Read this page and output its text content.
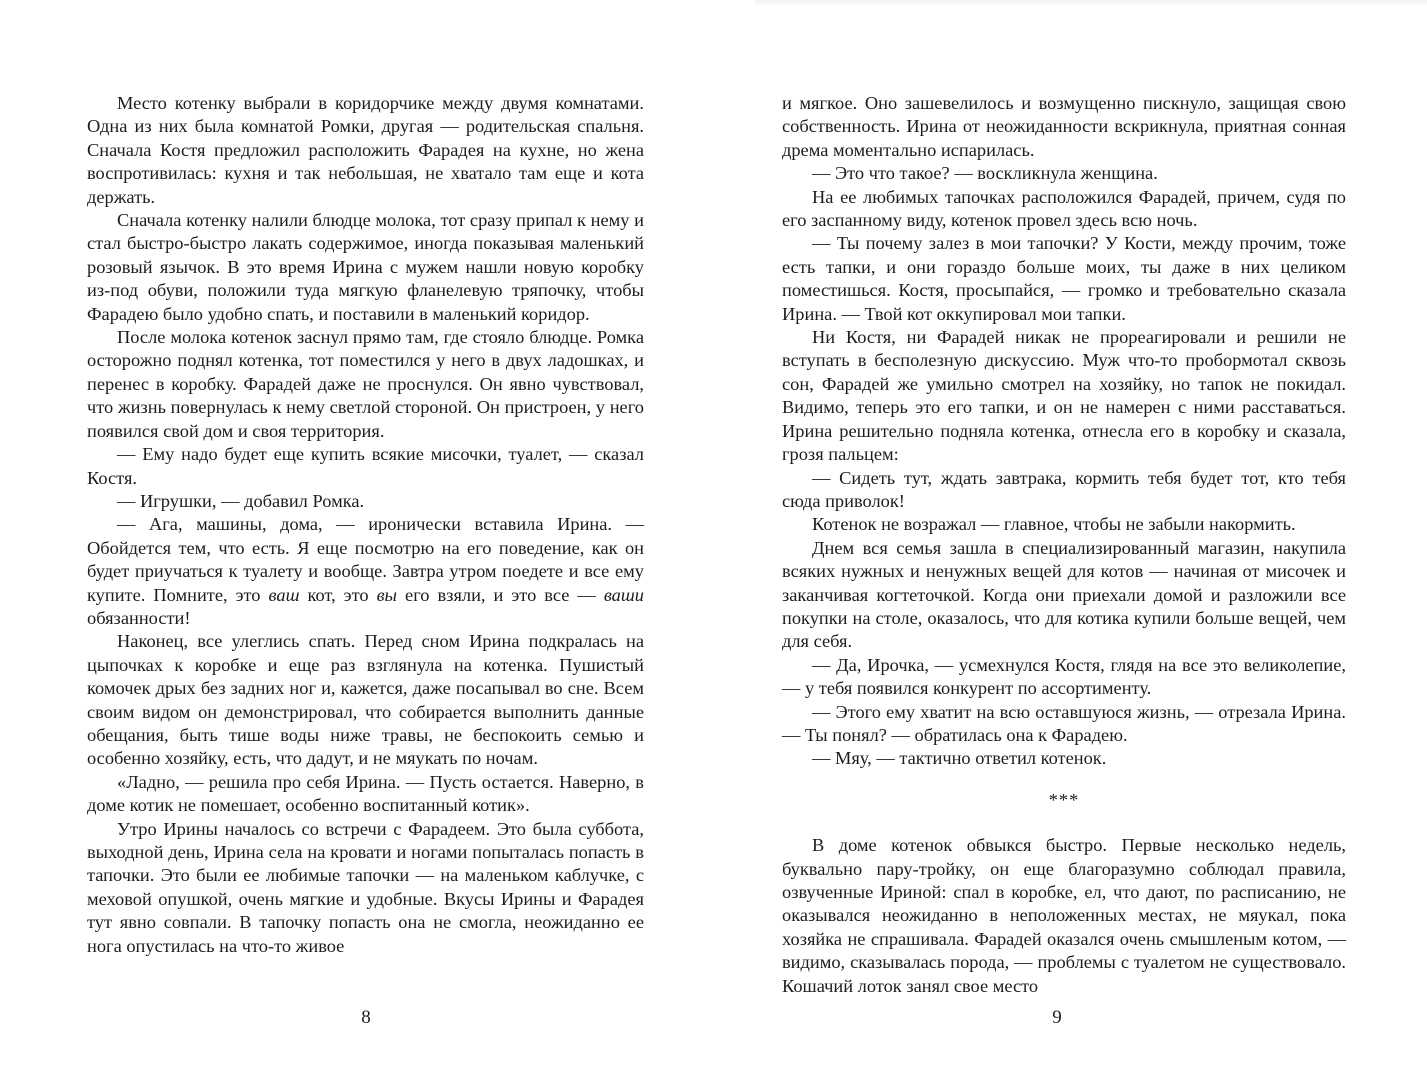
Место котенку выбрали в коридорчике между двумя комнатами. Одна из них была комнатой Ромки, другая — родительская спальня. Сначала Костя предложил расположить Фарадея на кухне, но жена воспротивилась: кухня и так небольшая, не хватало там еще и кота держать.

Сначала котенку налили блюдце молока, тот сразу припал к нему и стал быстро-быстро лакать содержимое, иногда показывая маленький розовый язычок. В это время Ирина с мужем нашли новую коробку из-под обуви, положили туда мягкую фланелевую тряпочку, чтобы Фарадею было удобно спать, и поставили в маленький коридор.

После молока котенок заснул прямо там, где стояло блюдце. Ромка осторожно поднял котенка, тот поместился у него в двух ладошках, и перенес в коробку. Фарадей даже не проснулся. Он явно чувствовал, что жизнь повернулась к нему светлой стороной. Он пристроен, у него появился свой дом и своя территория.

— Ему надо будет еще купить всякие мисочки, туалет, — сказал Костя.

— Игрушки, — добавил Ромка.

— Ага, машины, дома, — иронически вставила Ирина. — Обойдется тем, что есть. Я еще посмотрю на его поведение, как он будет приучаться к туалету и вообще. Завтра утром поедете и все ему купите. Помните, это ваш кот, это вы его взяли, и это все — ваши обязанности!

Наконец, все улеглись спать. Перед сном Ирина подкралась на цыпочках к коробке и еще раз взглянула на котенка. Пушистый комочек дрых без задних ног и, кажется, даже посапывал во сне. Всем своим видом он демонстрировал, что собирается выполнить данные обещания, быть тише воды ниже травы, не беспокоить семью и особенно хозяйку, есть, что дадут, и не мяукать по ночам.

«Ладно, — решила про себя Ирина. — Пусть остается. Наверно, в доме котик не помешает, особенно воспитанный котик».

Утро Ирины началось со встречи с Фарадеем. Это была суббота, выходной день, Ирина села на кровати и ногами попыталась попасть в тапочки. Это были ее любимые тапочки — на маленьком каблучке, с меховой опушкой, очень мягкие и удобные. Вкусы Ирины и Фарадея тут явно совпали. В тапочку попасть она не смогла, неожиданно ее нога опустилась на что-то живое

8

и мягкое. Оно зашевелилось и возмущенно пискнуло, защищая свою собственность. Ирина от неожиданности вскрикнула, приятная сонная дрема моментально испарилась.

— Это что такое? — воскликнула женщина.

На ее любимых тапочках расположился Фарадей, причем, судя по его заспанному виду, котенок провел здесь всю ночь.

— Ты почему залез в мои тапочки? У Кости, между прочим, тоже есть тапки, и они гораздо больше моих, ты даже в них целиком поместишься. Костя, просыпайся, — громко и требовательно сказала Ирина. — Твой кот оккупировал мои тапки.

Ни Костя, ни Фарадей никак не прореагировали и решили не вступать в бесполезную дискуссию. Муж что-то пробормотал сквозь сон, Фарадей же умильно смотрел на хозяйку, но тапок не покидал. Видимо, теперь это его тапки, и он не намерен с ними расставаться. Ирина решительно подняла котенка, отнесла его в коробку и сказала, грозя пальцем:

— Сидеть тут, ждать завтрака, кормить тебя будет тот, кто тебя сюда приволок!

Котенок не возражал — главное, чтобы не забыли накормить.

Днем вся семья зашла в специализированный магазин, накупила всяких нужных и ненужных вещей для котов — начиная от мисочек и заканчивая когтеточкой. Когда они приехали домой и разложили все покупки на столе, оказалось, что для котика купили больше вещей, чем для себя.

— Да, Ирочка, — усмехнулся Костя, глядя на все это великолепие, — у тебя появился конкурент по ассортименту.

— Этого ему хватит на всю оставшуюся жизнь, — отрезала Ирина. — Ты понял? — обратилась она к Фарадею.

— Мяу, — тактично ответил котенок.

***

В доме котенок обвыкся быстро. Первые несколько недель, буквально пару-тройку, он еще благоразумно соблюдал правила, озвученные Ириной: спал в коробке, ел, что дают, по расписанию, не оказывался неожиданно в неположенных местах, не мяукал, пока хозяйка не спрашивала. Фарадей оказался очень смышленым котом, — видимо, сказывалась порода, — проблемы с туалетом не существовало. Кошачий лоток занял свое место

9
